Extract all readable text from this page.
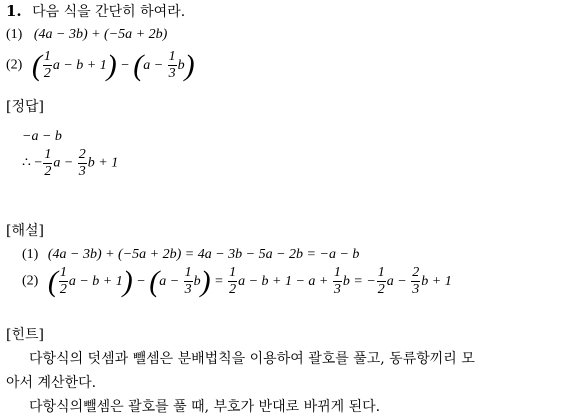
1. 다음 식을 간단히 하여라.
(1) (4a − 3b) + (−5a + 2b)
(2) ( $\frac{1}{2}$ $a - b + 1) - (a - \frac{1}{3} b)$
[정답]
−a − b
∴ − $\frac{1}{2}$ $a - \frac{2}{3}$ b + 1
[해설]
(1) (4a − 3b) + (−5a + 2b) = 4a − 3b − 5a − 2b = −a − b
(2) ( $\frac{1}{2}$ $a - b + 1) - (a - \frac{1}{3} b) = \frac{1}{2}$ $a - b + 1 - a + \frac{1}{3}$ b = − $\frac{1}{2}$ $a - \frac{2}{3}$ b + 1
[힌트]
다항식의 덧셈과 뺄셈은 분배법칙을 이용하여 괄호를 풀고, 동류항끼리 모
아서 계산한다.
다항식의뺄셈은 괄호를 풀 때, 부호가 반대로 바뀌게 된다.
